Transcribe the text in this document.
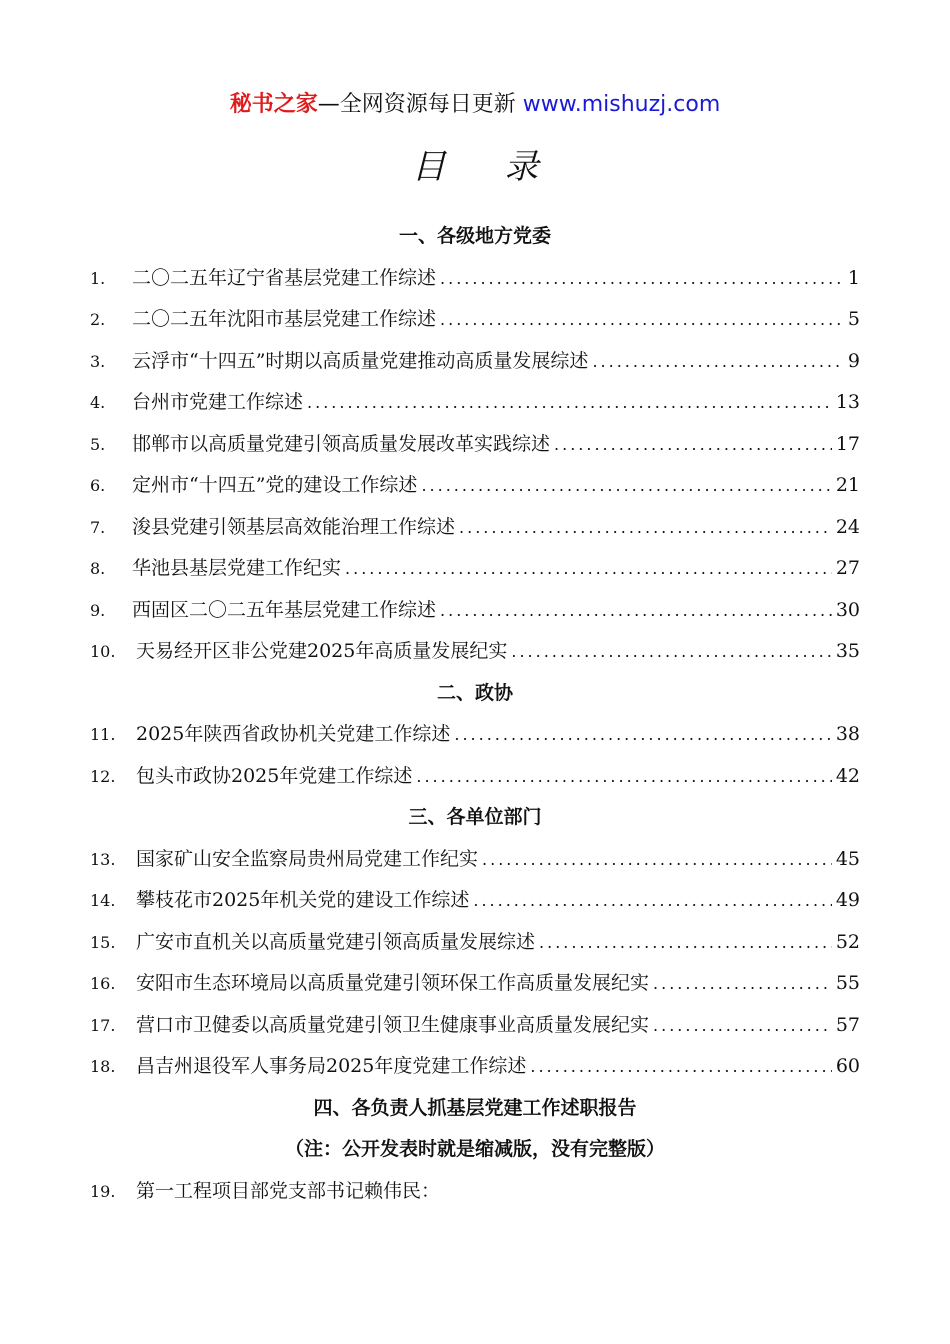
秘书之家—全网资源每日更新 www.mishuzj.com
目 录
一、各级地方党委
1.	二〇二五年辽宁省基层党建工作综述 .....	1
2.	二〇二五年沈阳市基层党建工作综述 .....	5
3.	云浮市“十四五”时期以高质量党建推动高质量发展综述 .....	9
4.	台州市党建工作综述 .....	13
5.	邯郸市以高质量党建引领高质量发展改革实践综述 .....	17
6.	定州市“十四五”党的建设工作综述 .....	21
7.	浚县党建引领基层高效能治理工作综述 .....	24
8.	华池县基层党建工作纪实 .....	27
9.	西固区二〇二五年基层党建工作综述 .....	30
10.	天易经开区非公党建2025年高质量发展纪实 .....	35
二、政协
11.	2025年陕西省政协机关党建工作综述 .....	38
12.	包头市政协2025年党建工作综述 .....	42
三、各单位部门
13.	国家矿山安全监察局贵州局党建工作纪实 .....	45
14.	攀枝花市2025年机关党的建设工作综述 .....	49
15.	广安市直机关以高质量党建引领高质量发展综述 .....	52
16.	安阳市生态环境局以高质量党建引领环保工作高质量发展纪实 .....	55
17.	营口市卫健委以高质量党建引领卫生健康事业高质量发展纪实 .....	57
18.	昌吉州退役军人事务局2025年度党建工作综述 .....	60
四、各负责人抓基层党建工作述职报告
（注：公开发表时就是缩减版，没有完整版）
19.	第一工程项目部党支部书记赖伟民：
